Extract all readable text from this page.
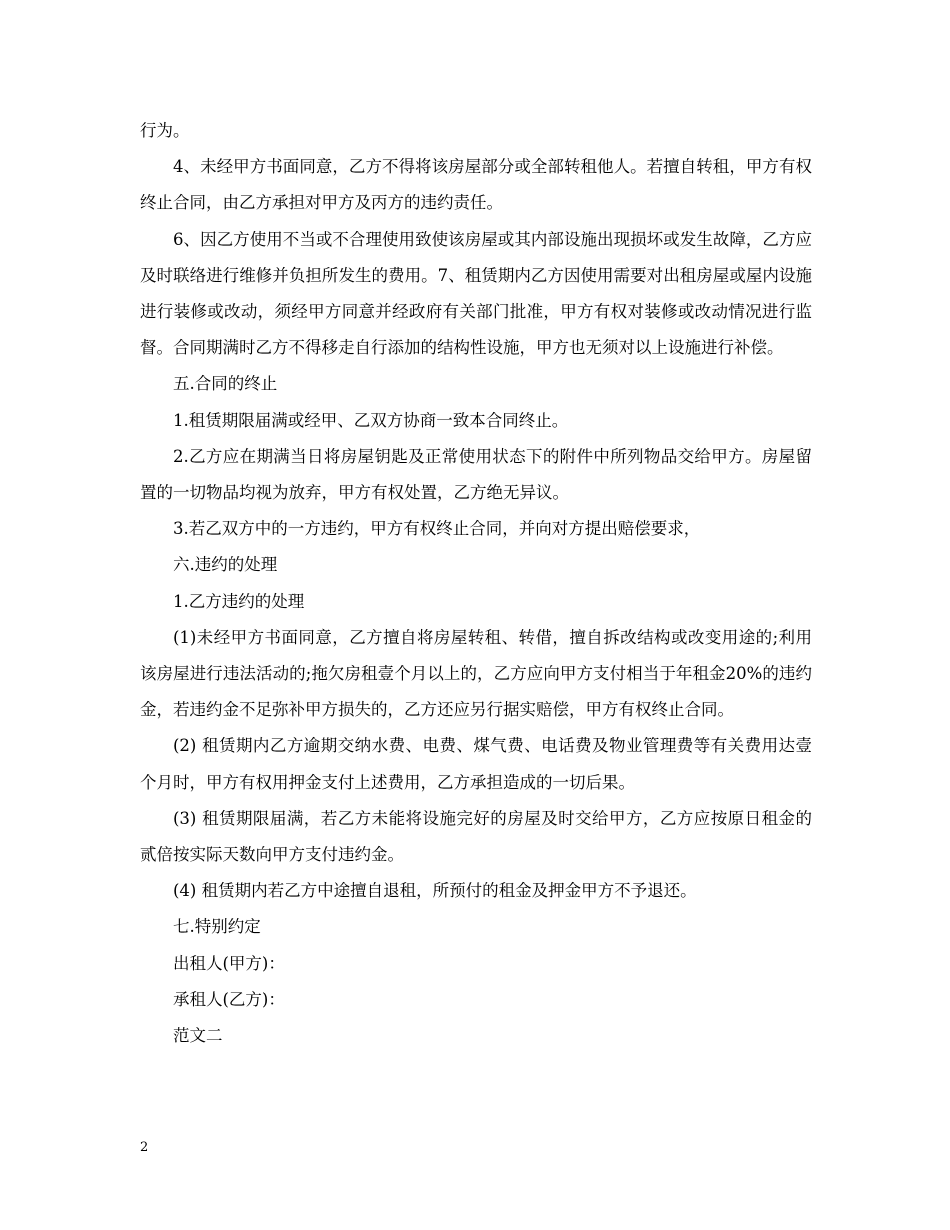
行为。

4、未经甲方书面同意，乙方不得将该房屋部分或全部转租他人。若擅自转租，甲方有权终止合同，由乙方承担对甲方及丙方的违约责任。

6、因乙方使用不当或不合理使用致使该房屋或其内部设施出现损坏或发生故障，乙方应及时联络进行维修并负担所发生的费用。7、租赁期内乙方因使用需要对出租房屋或屋内设施进行装修或改动，须经甲方同意并经政府有关部门批准，甲方有权对装修或改动情况进行监督。合同期满时乙方不得移走自行添加的结构性设施，甲方也无须对以上设施进行补偿。

五.合同的终止

1.租赁期限届满或经甲、乙双方协商一致本合同终止。

2.乙方应在期满当日将房屋钥匙及正常使用状态下的附件中所列物品交给甲方。房屋留置的一切物品均视为放弃，甲方有权处置，乙方绝无异议。

3.若乙双方中的一方违约，甲方有权终止合同，并向对方提出赔偿要求，

六.违约的处理

1.乙方违约的处理

(1)未经甲方书面同意，乙方擅自将房屋转租、转借，擅自拆改结构或改变用途的;利用该房屋进行违法活动的;拖欠房租壹个月以上的，乙方应向甲方支付相当于年租金20%的违约金，若违约金不足弥补甲方损失的，乙方还应另行据实赔偿，甲方有权终止合同。

(2) 租赁期内乙方逾期交纳水费、电费、煤气费、电话费及物业管理费等有关费用达壹个月时，甲方有权用押金支付上述费用，乙方承担造成的一切后果。

(3) 租赁期限届满，若乙方未能将设施完好的房屋及时交给甲方，乙方应按原日租金的贰倍按实际天数向甲方支付违约金。

(4) 租赁期内若乙方中途擅自退租，所预付的租金及押金甲方不予退还。

七.特别约定

出租人(甲方)：

承租人(乙方)：

范文二

2
